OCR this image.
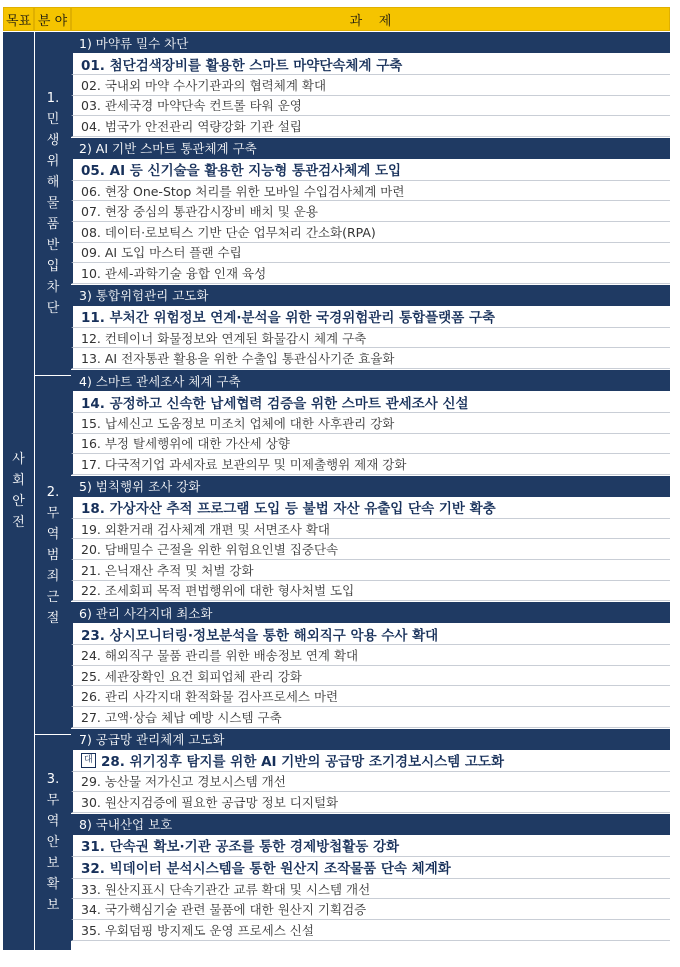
목표 분 야	과    제
사회안전
1.
민생위해물품반입차단
2.
무역범죄근절
3.
무역안보확보
1) 마약류 밀수 차단
01. 첨단검색장비를 활용한 스마트 마약단속체계 구축
02. 국내외 마약 수사기관과의 협력체계 확대
03. 관세국경 마약단속 컨트롤 타워 운영
04. 범국가 안전관리 역량강화 기관 설립
2) AI 기반 스마트 통관체계 구축
05. AI 등 신기술을 활용한 지능형 통관검사체계 도입
06. 현장 One-Stop 처리를 위한 모바일 수입검사체계 마련
07. 현장 중심의 통관감시장비 배치 및 운용
08. 데이터·로보틱스 기반 단순 업무처리 간소화(RPA)
09. AI 도입 마스터 플랜 수립
10. 관세-과학기술 융합 인재 육성
3) 통합위험관리 고도화
11. 부처간 위험정보 연계·분석을 위한 국경위험관리 통합플랫폼 구축
12. 컨테이너 화물정보와 연계된 화물감시 체계 구축
13. AI 전자통관 활용을 위한 수출입 통관심사기준 효율화
4) 스마트 관세조사 체계 구축
14. 공정하고 신속한 납세협력 검증을 위한 스마트 관세조사 신설
15. 납세신고 도움정보 미조치 업체에 대한 사후관리 강화
16. 부정 탈세행위에 대한 가산세 상향
17. 다국적기업 과세자료 보관의무 및 미제출행위 제재 강화
5) 범칙행위 조사 강화
18. 가상자산 추적 프로그램 도입 등 불법 자산 유출입 단속 기반 확충
19. 외환거래 검사체계 개편 및 서면조사 확대
20. 담배밀수 근절을 위한 위험요인별 집중단속
21. 은닉재산 추적 및 처벌 강화
22. 조세회피 목적 편법행위에 대한 형사처벌 도입
6) 관리 사각지대 최소화
23. 상시모니터링·정보분석을 통한 해외직구 악용 수사 확대
24. 해외직구 물품 관리를 위한 배송정보 연계 확대
25. 세관장확인 요건 회피업체 관리 강화
26. 관리 사각지대 환적화물 검사프로세스 마련
27. 고액·상습 체납 예방 시스템 구축
7) 공급망 관리체계 고도화
대 28. 위기징후 탐지를 위한 AI 기반의 공급망 조기경보시스템 고도화
29. 농산물 저가신고 경보시스템 개선
30. 원산지검증에 필요한 공급망 정보 디지털화
8) 국내산업 보호
31. 단속권 확보·기관 공조를 통한 경제방첩활동 강화
32. 빅데이터 분석시스템을 통한 원산지 조작물품 단속 체계화
33. 원산지표시 단속기관간 교류 확대 및 시스템 개선
34. 국가핵심기술 관련 물품에 대한 원산지 기획검증
35. 우회덤핑 방지제도 운영 프로세스 신설
